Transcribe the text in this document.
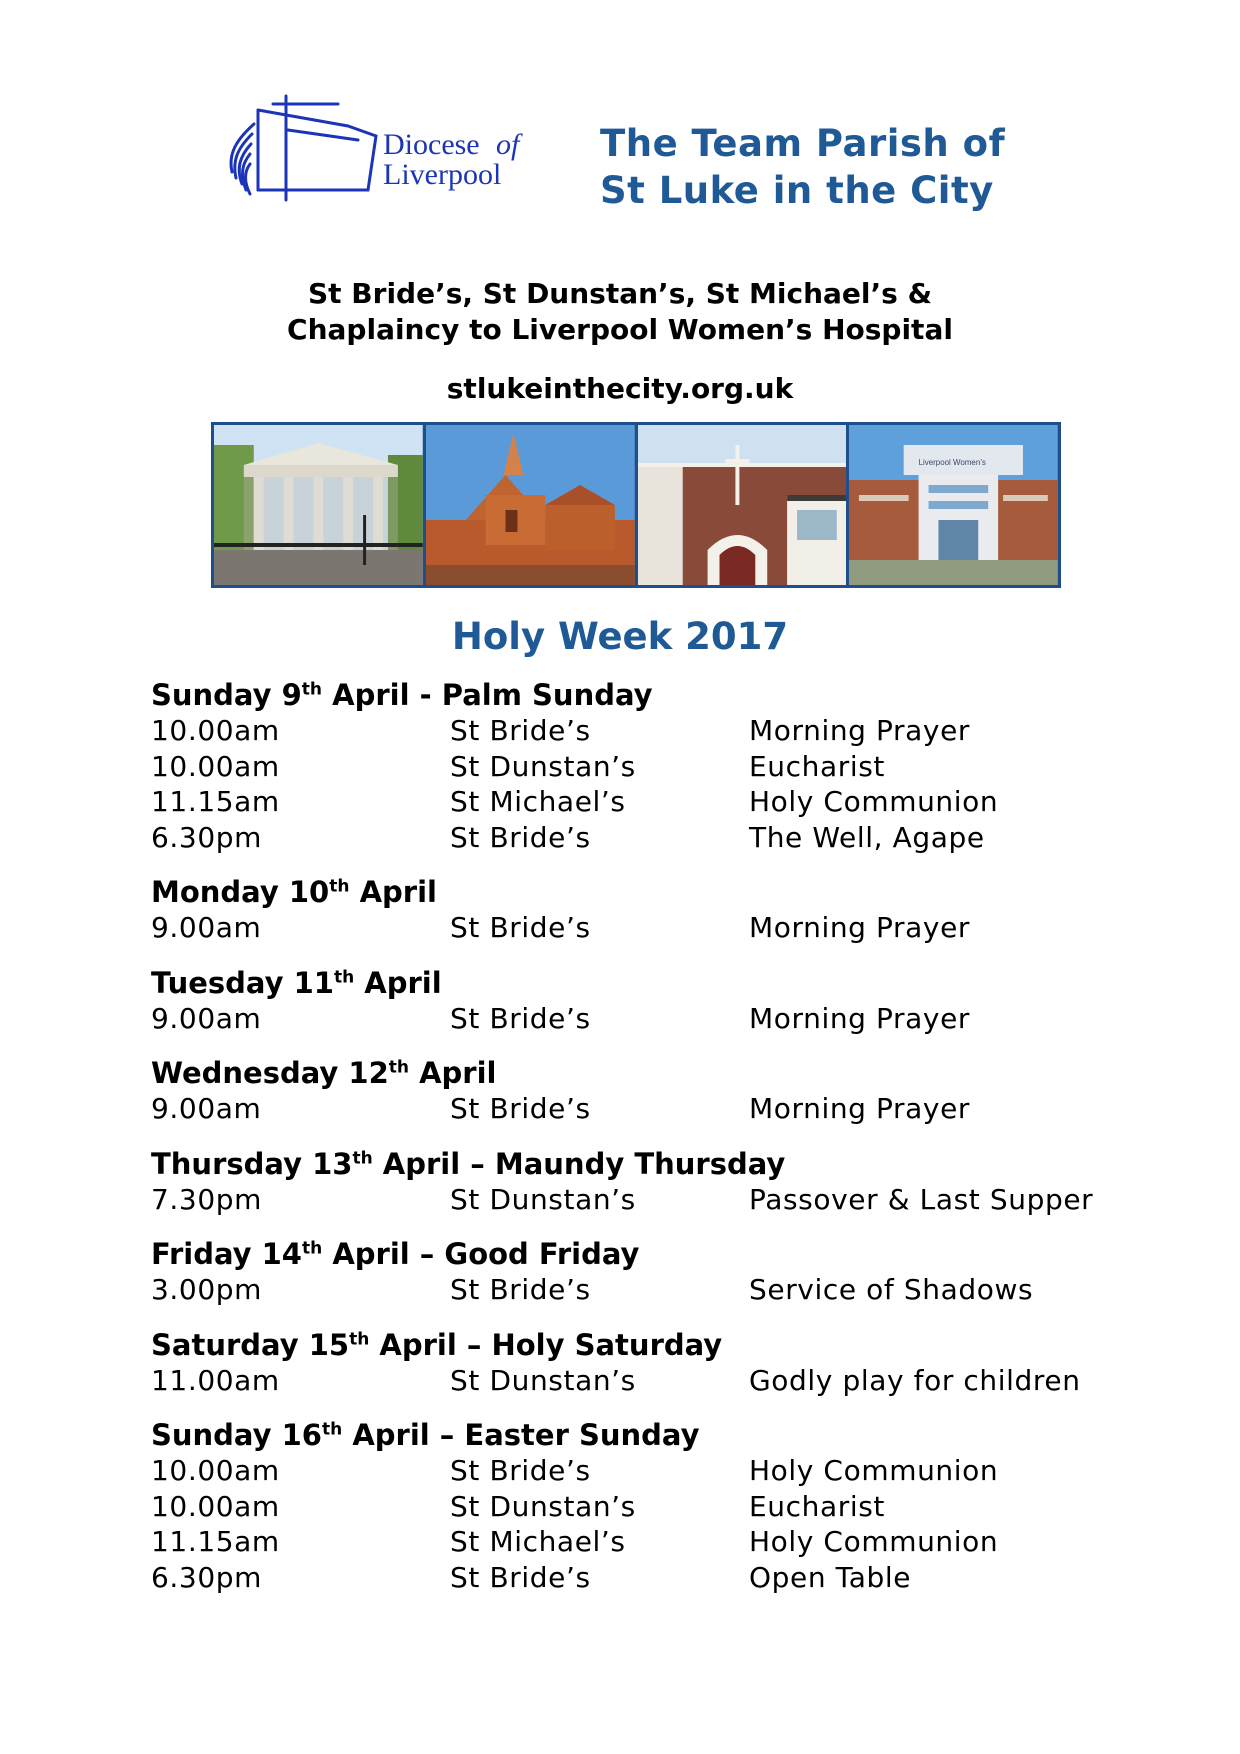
Diocese of
Liverpool
The Team Parish of
St Luke in the City
St Bride’s, St Dunstan’s, St Michael’s &
Chaplaincy to Liverpool Women’s Hospital
stlukeinthecity.org.uk
Liverpool Women’s
Holy Week 2017
Sunday 9th April - Palm Sunday
10.00am	St Bride’s	Morning Prayer
10.00am	St Dunstan’s	Eucharist
11.15am	St Michael’s	Holy Communion
6.30pm	St Bride’s	The Well, Agape
Monday 10th April
9.00am	St Bride’s	Morning Prayer
Tuesday 11th April
9.00am	St Bride’s	Morning Prayer
Wednesday 12th April
9.00am	St Bride’s	Morning Prayer
Thursday 13th April – Maundy Thursday
7.30pm	St Dunstan’s	Passover & Last Supper
Friday 14th April – Good Friday
3.00pm	St Bride’s	Service of Shadows
Saturday 15th April – Holy Saturday
11.00am	St Dunstan’s	Godly play for children
Sunday 16th April – Easter Sunday
10.00am	St Bride’s	Holy Communion
10.00am	St Dunstan’s	Eucharist
11.15am	St Michael’s	Holy Communion
6.30pm	St Bride’s	Open Table
